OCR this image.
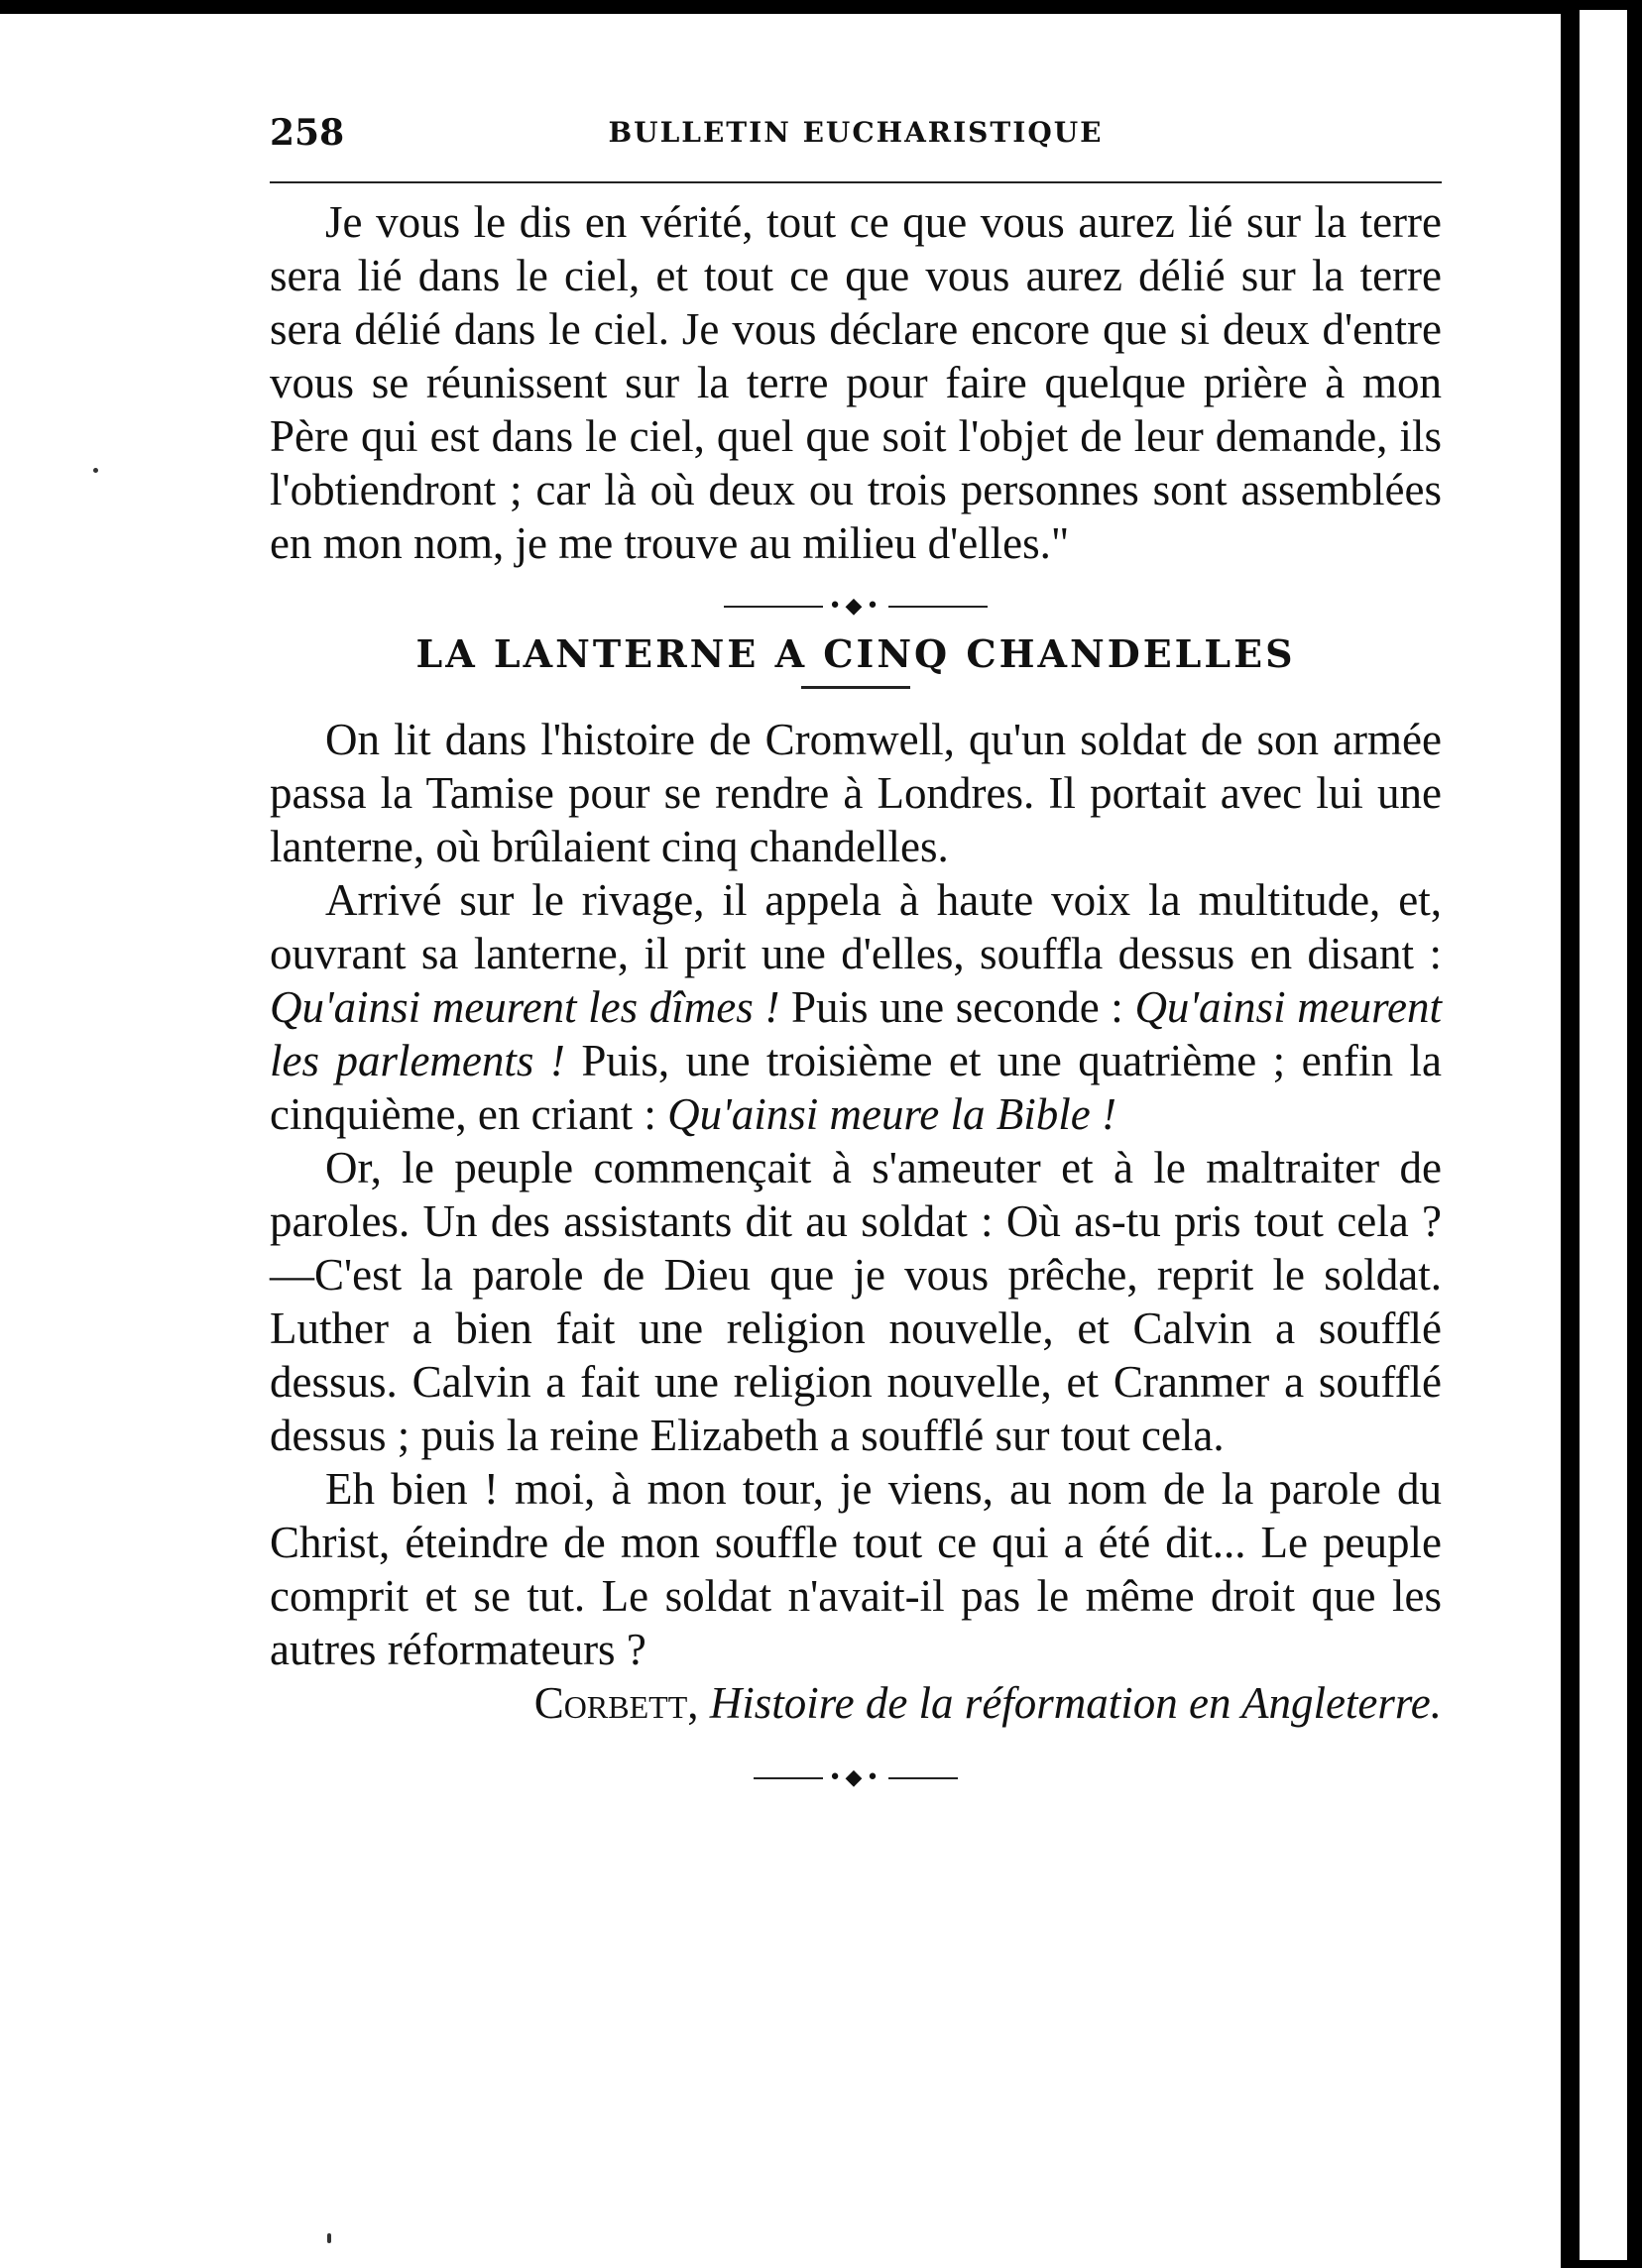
258	BULLETIN EUCHARISTIQUE

Je vous le dis en vérité, tout ce que vous aurez lié sur la terre sera lié dans le ciel, et tout ce que vous aurez délié sur la terre sera délié dans le ciel. Je vous déclare encore que si deux d'entre vous se réunissent sur la terre pour faire quelque prière à mon Père qui est dans le ciel, quel que soit l'objet de leur demande, ils l'obtiendront ; car là où deux ou trois personnes sont assemblées en mon nom, je me trouve au milieu d'elles."

•◆•
LA LANTERNE A CINQ CHANDELLES

On lit dans l'histoire de Cromwell, qu'un soldat de son armée passa la Tamise pour se rendre à Londres. Il portait avec lui une lanterne, où brûlaient cinq chandelles.

Arrivé sur le rivage, il appela à haute voix la multitude, et, ouvrant sa lanterne, il prit une d'elles, souffla dessus en disant : Qu'ainsi meurent les dîmes ! Puis une seconde : Qu'ainsi meurent les parlements ! Puis, une troisième et une quatrième ; enfin la cinquième, en criant : Qu'ainsi meure la Bible !

Or, le peuple commençait à s'ameuter et à le maltraiter de paroles. Un des assistants dit au soldat : Où as-tu pris tout cela ?—C'est la parole de Dieu que je vous prêche, reprit le soldat. Luther a bien fait une religion nouvelle, et Calvin a soufflé dessus. Calvin a fait une religion nouvelle, et Cranmer a soufflé dessus ; puis la reine Elizabeth a soufflé sur tout cela.

Eh bien ! moi, à mon tour, je viens, au nom de la parole du Christ, éteindre de mon souffle tout ce qui a été dit... Le peuple comprit et se tut. Le soldat n'avait-il pas le même droit que les autres réformateurs ?

Corbett, Histoire de la réformation en Angleterre.

•◆•
